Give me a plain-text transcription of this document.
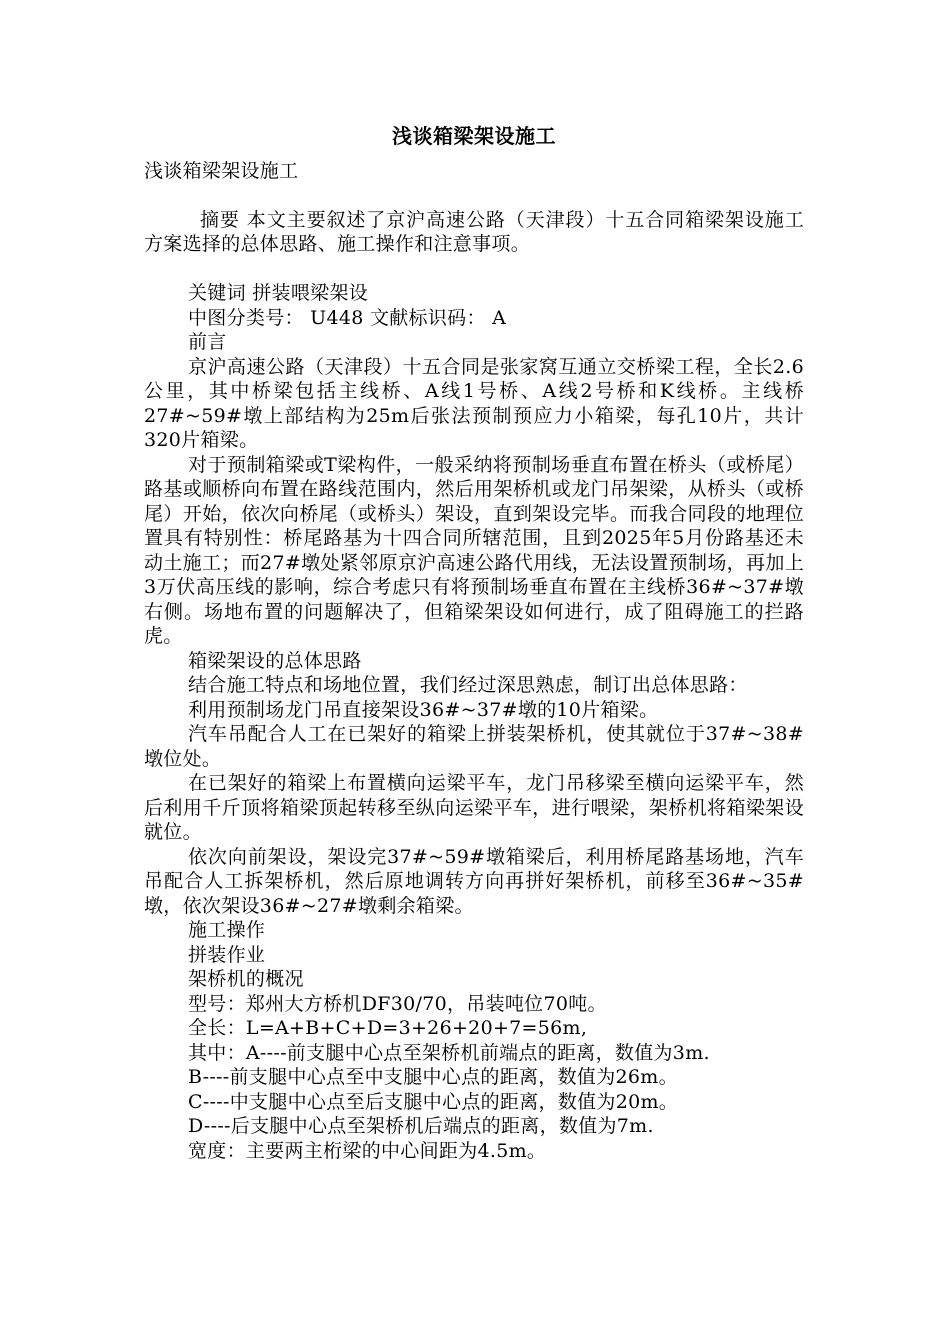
浅谈箱梁架设施工

浅谈箱梁架设施工

摘要 本文主要叙述了京沪高速公路（天津段）十五合同箱梁架设施工方案选择的总体思路、施工操作和注意事项。

关键词 拼装喂梁架设

中图分类号： U448 文献标识码： A

前言

京沪高速公路（天津段）十五合同是张家窝互通立交桥梁工程，全长2.6公里，其中桥梁包括主线桥、A线1号桥、A线2号桥和K线桥。主线桥27#~59#墩上部结构为25m后张法预制预应力小箱梁，每孔10片，共计320片箱梁。

对于预制箱梁或T梁构件，一般采纳将预制场垂直布置在桥头（或桥尾）路基或顺桥向布置在路线范围内，然后用架桥机或龙门吊架梁，从桥头（或桥尾）开始，依次向桥尾（或桥头）架设，直到架设完毕。而我合同段的地理位置具有特别性：桥尾路基为十四合同所辖范围，且到2025年5月份路基还未动土施工；而27#墩处紧邻原京沪高速公路代用线，无法设置预制场，再加上3万伏高压线的影响，综合考虑只有将预制场垂直布置在主线桥36#~37#墩右侧。场地布置的问题解决了，但箱梁架设如何进行，成了阻碍施工的拦路虎。

箱梁架设的总体思路

结合施工特点和场地位置，我们经过深思熟虑，制订出总体思路：

利用预制场龙门吊直接架设36#~37#墩的10片箱梁。

汽车吊配合人工在已架好的箱梁上拼装架桥机，使其就位于37#~38#墩位处。

在已架好的箱梁上布置横向运梁平车，龙门吊移梁至横向运梁平车，然后利用千斤顶将箱梁顶起转移至纵向运梁平车，进行喂梁，架桥机将箱梁架设就位。

依次向前架设，架设完37#~59#墩箱梁后，利用桥尾路基场地，汽车吊配合人工拆架桥机，然后原地调转方向再拼好架桥机，前移至36#~35#墩，依次架设36#~27#墩剩余箱梁。

施工操作

拼装作业

架桥机的概况

型号：郑州大方桥机DF30/70，吊装吨位70吨。

全长：L=A+B+C+D=3+26+20+7=56m,

其中：A----前支腿中心点至架桥机前端点的距离，数值为3m.

B----前支腿中心点至中支腿中心点的距离，数值为26m。

C----中支腿中心点至后支腿中心点的距离，数值为20m。

D----后支腿中心点至架桥机后端点的距离，数值为7m.

宽度：主要两主桁梁的中心间距为4.5m。
